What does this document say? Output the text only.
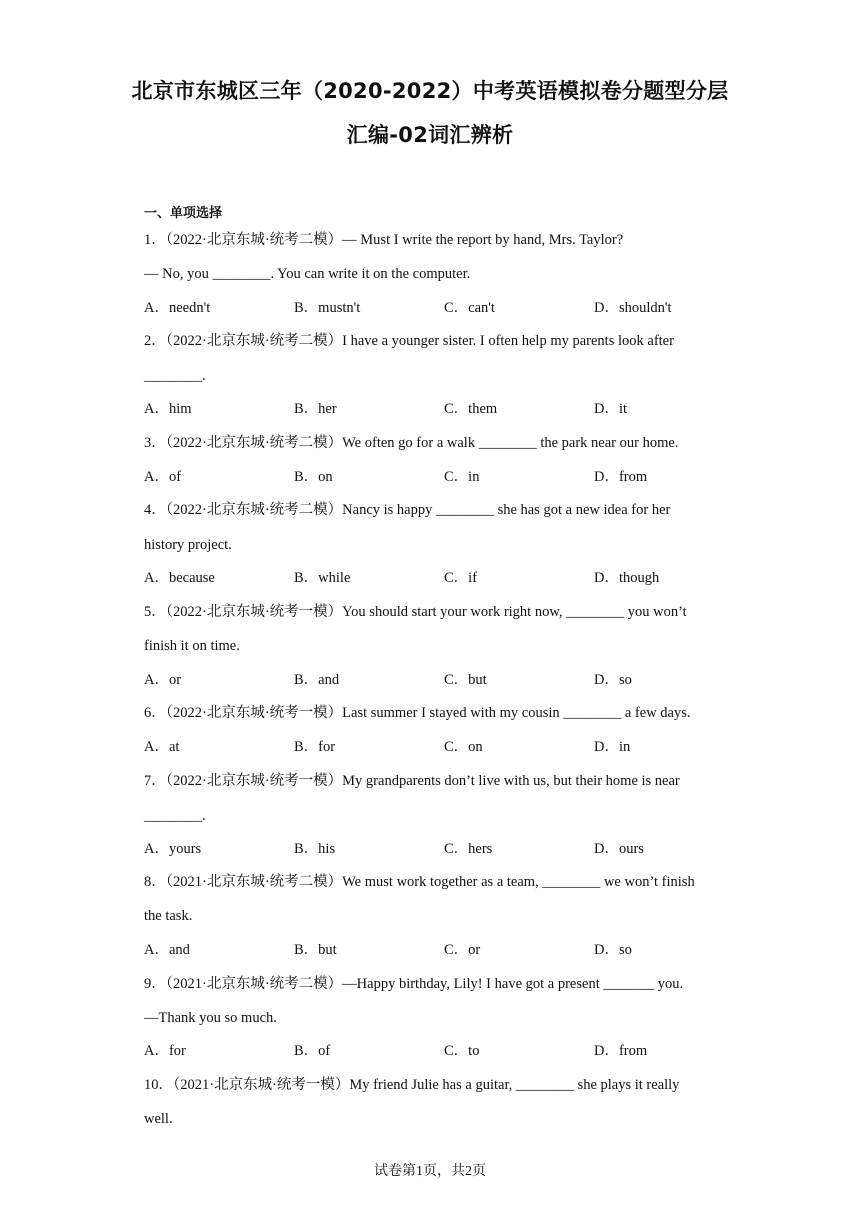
北京市东城区三年（2020-2022）中考英语模拟卷分题型分层
汇编-02词汇辨析
一、单项选择
1．（2022·北京东城·统考二模）— Must I write the report by hand, Mrs. Taylor?
— No, you ________. You can write it on the computer.
A．needn't	B．mustn't	C．can't	D．shouldn't
2．（2022·北京东城·统考二模）I have a younger sister. I often help my parents look after
________.
A．him	B．her	C．them	D．it
3．（2022·北京东城·统考二模）We often go for a walk ________ the park near our home.
A．of	B．on	C．in	D．from
4．（2022·北京东城·统考二模）Nancy is happy ________ she has got a new idea for her
history project.
A．because	B．while	C．if	D．though
5．（2022·北京东城·统考一模）You should start your work right now, ________ you won’t
finish it on time.
A．or	B．and	C．but	D．so
6．（2022·北京东城·统考一模）Last summer I stayed with my cousin ________ a few days.
A．at	B．for	C．on	D．in
7．（2022·北京东城·统考一模）My grandparents don’t live with us, but their home is near
________.
A．yours	B．his	C．hers	D．ours
8．（2021·北京东城·统考二模）We must work together as a team, ________ we won’t finish
the task.
A．and	B．but	C．or	D．so
9．（2021·北京东城·统考二模）—Happy birthday, Lily! I have got a present _______ you.
—Thank you so much.
A．for	B．of	C．to	D．from
10．（2021·北京东城·统考一模）My friend Julie has a guitar, ________ she plays it really
well.
试卷第1页，共2页
